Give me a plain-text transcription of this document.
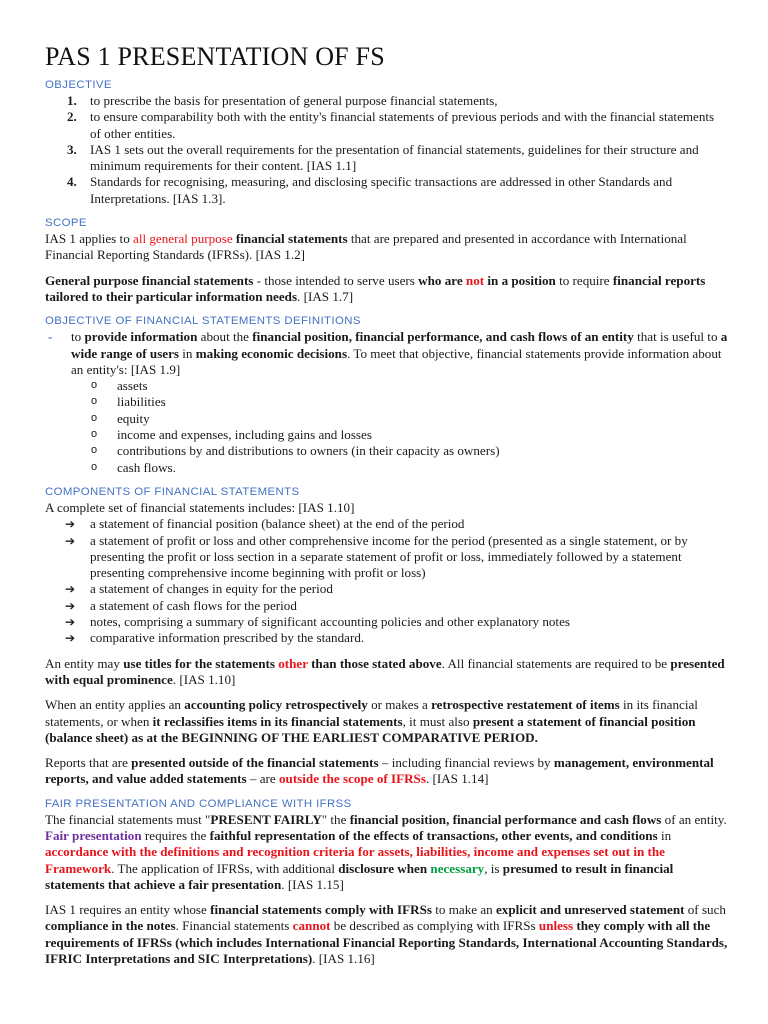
PAS 1 PRESENTATION OF FS
OBJECTIVE
1. to prescribe the basis for presentation of general purpose financial statements,
2. to ensure comparability both with the entity's financial statements of previous periods and with the financial statements of other entities.
3. IAS 1 sets out the overall requirements for the presentation of financial statements, guidelines for their structure and minimum requirements for their content. [IAS 1.1]
4. Standards for recognising, measuring, and disclosing specific transactions are addressed in other Standards and Interpretations. [IAS 1.3].
SCOPE

IAS 1 applies to all general purpose financial statements that are prepared and presented in accordance with International Financial Reporting Standards (IFRSs). [IAS 1.2]

General purpose financial statements - those intended to serve users who are not in a position to require financial reports tailored to their particular information needs. [IAS 1.7]

OBJECTIVE OF FINANCIAL STATEMENTS DEFINITIONS
- to provide information about the financial position, financial performance, and cash flows of an entity that is useful to a wide range of users in making economic decisions. To meet that objective, financial statements provide information about an entity's: [IAS 1.9]
o assets
o liabilities
o equity
o income and expenses, including gains and losses
o contributions by and distributions to owners (in their capacity as owners)
o cash flows.
COMPONENTS OF FINANCIAL STATEMENTS

A complete set of financial statements includes: [IAS 1.10]

➔ a statement of financial position (balance sheet) at the end of the period
➔ a statement of profit or loss and other comprehensive income for the period (presented as a single statement, or by presenting the profit or loss section in a separate statement of profit or loss, immediately followed by a statement presenting comprehensive income beginning with profit or loss)
➔ a statement of changes in equity for the period
➔ a statement of cash flows for the period
➔ notes, comprising a summary of significant accounting policies and other explanatory notes
➔ comparative information prescribed by the standard.

An entity may use titles for the statements other than those stated above. All financial statements are required to be presented with equal prominence. [IAS 1.10]

When an entity applies an accounting policy retrospectively or makes a retrospective restatement of items in its financial statements, or when it reclassifies items in its financial statements, it must also present a statement of financial position (balance sheet) as at the BEGINNING OF THE EARLIEST COMPARATIVE PERIOD.

Reports that are presented outside of the financial statements – including financial reviews by management, environmental reports, and value added statements – are outside the scope of IFRSs. [IAS 1.14]

FAIR PRESENTATION AND COMPLIANCE WITH IFRSS

The financial statements must "PRESENT FAIRLY" the financial position, financial performance and cash flows of an entity. Fair presentation requires the faithful representation of the effects of transactions, other events, and conditions in accordance with the definitions and recognition criteria for assets, liabilities, income and expenses set out in the Framework. The application of IFRSs, with additional disclosure when necessary, is presumed to result in financial statements that achieve a fair presentation. [IAS 1.15]

IAS 1 requires an entity whose financial statements comply with IFRSs to make an explicit and unreserved statement of such compliance in the notes. Financial statements cannot be described as complying with IFRSs unless they comply with all the requirements of IFRSs (which includes International Financial Reporting Standards, International Accounting Standards, IFRIC Interpretations and SIC Interpretations). [IAS 1.16]
